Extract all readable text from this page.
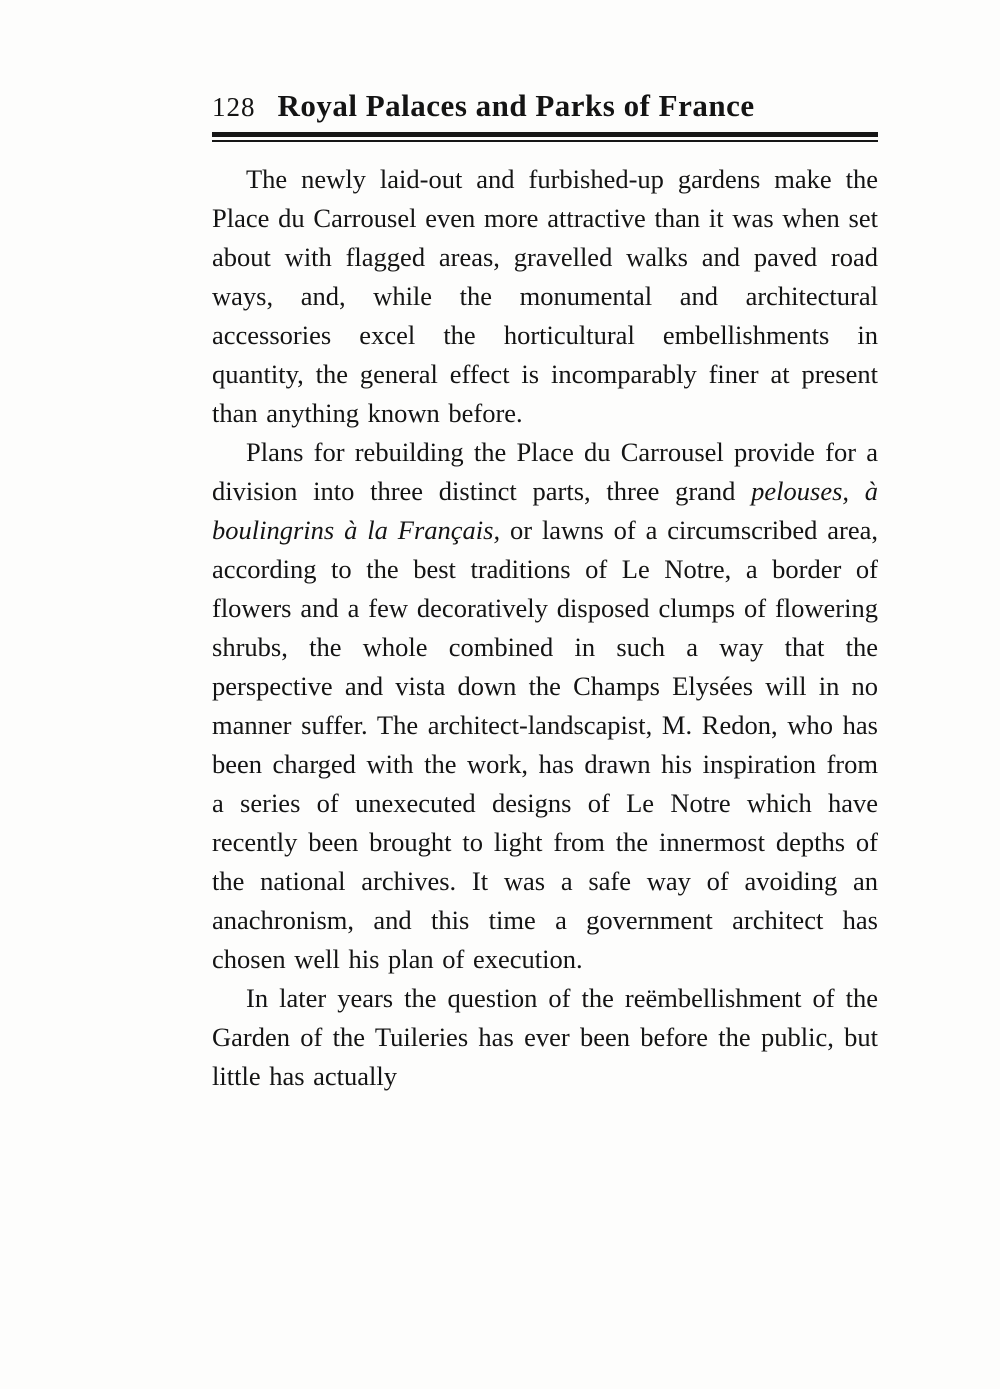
128 Royal Palaces and Parks of France

The newly laid-out and furbished-up gardens make the Place du Carrousel even more attractive than it was when set about with flagged areas, gravelled walks and paved road ways, and, while the monumental and architectural accessories excel the horticultural embellishments in quantity, the general effect is incomparably finer at present than anything known before.

Plans for rebuilding the Place du Carrousel provide for a division into three distinct parts, three grand pelouses, à boulingrins à la Français, or lawns of a circumscribed area, according to the best traditions of Le Notre, a border of flowers and a few decoratively disposed clumps of flowering shrubs, the whole combined in such a way that the perspective and vista down the Champs Elysées will in no manner suffer. The architect-landscapist, M. Redon, who has been charged with the work, has drawn his inspiration from a series of unexecuted designs of Le Notre which have recently been brought to light from the innermost depths of the national archives. It was a safe way of avoiding an anachronism, and this time a government architect has chosen well his plan of execution.

In later years the question of the reëmbellishment of the Garden of the Tuileries has ever been before the public, but little has actually
